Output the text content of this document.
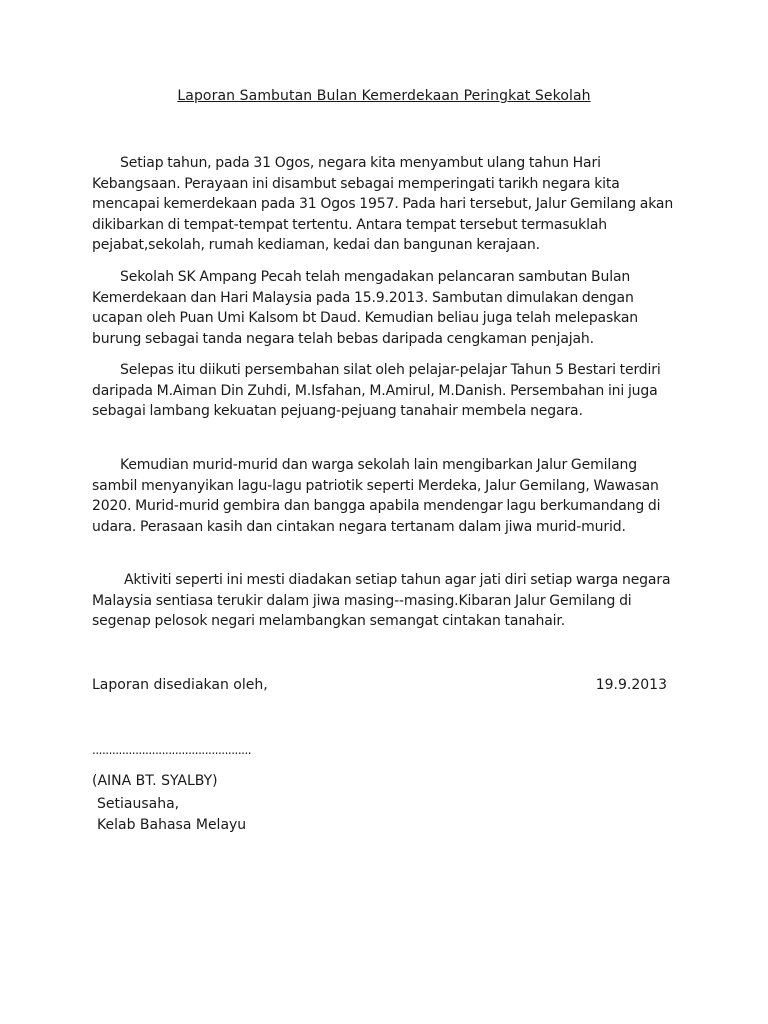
Laporan Sambutan Bulan Kemerdekaan Peringkat Sekolah

Setiap tahun, pada 31 Ogos, negara kita menyambut ulang tahun Hari Kebangsaan. Perayaan ini disambut sebagai memperingati tarikh negara kita mencapai kemerdekaan pada 31 Ogos 1957. Pada hari tersebut, Jalur Gemilang akan dikibarkan di tempat-tempat tertentu. Antara tempat tersebut termasuklah pejabat,sekolah, rumah kediaman, kedai dan bangunan kerajaan.

Sekolah SK Ampang Pecah telah mengadakan pelancaran sambutan Bulan Kemerdekaan dan Hari Malaysia pada 15.9.2013. Sambutan dimulakan dengan ucapan oleh Puan Umi Kalsom bt Daud. Kemudian beliau juga telah melepaskan burung sebagai tanda negara telah bebas daripada cengkaman penjajah.

Selepas itu diikuti persembahan silat oleh pelajar-pelajar Tahun 5 Bestari terdiri daripada M.Aiman Din Zuhdi, M.Isfahan, M.Amirul, M.Danish. Persembahan ini juga sebagai lambang kekuatan pejuang-pejuang tanahair membela negara.

Kemudian murid-murid dan warga sekolah lain mengibarkan Jalur Gemilang sambil menyanyikan lagu-lagu patriotik seperti Merdeka, Jalur Gemilang, Wawasan 2020. Murid-murid gembira dan bangga apabila mendengar lagu berkumandang di udara. Perasaan kasih dan cintakan negara tertanam dalam jiwa murid-murid.

Aktiviti seperti ini mesti diadakan setiap tahun agar jati diri setiap warga negara Malaysia sentiasa terukir dalam jiwa masing--masing.Kibaran Jalur Gemilang di segenap pelosok negari melambangkan semangat cintakan tanahair.

Laporan disediakan oleh,	19.9.2013
................................................
(AINA BT. SYALBY)
Setiausaha,
Kelab Bahasa Melayu
